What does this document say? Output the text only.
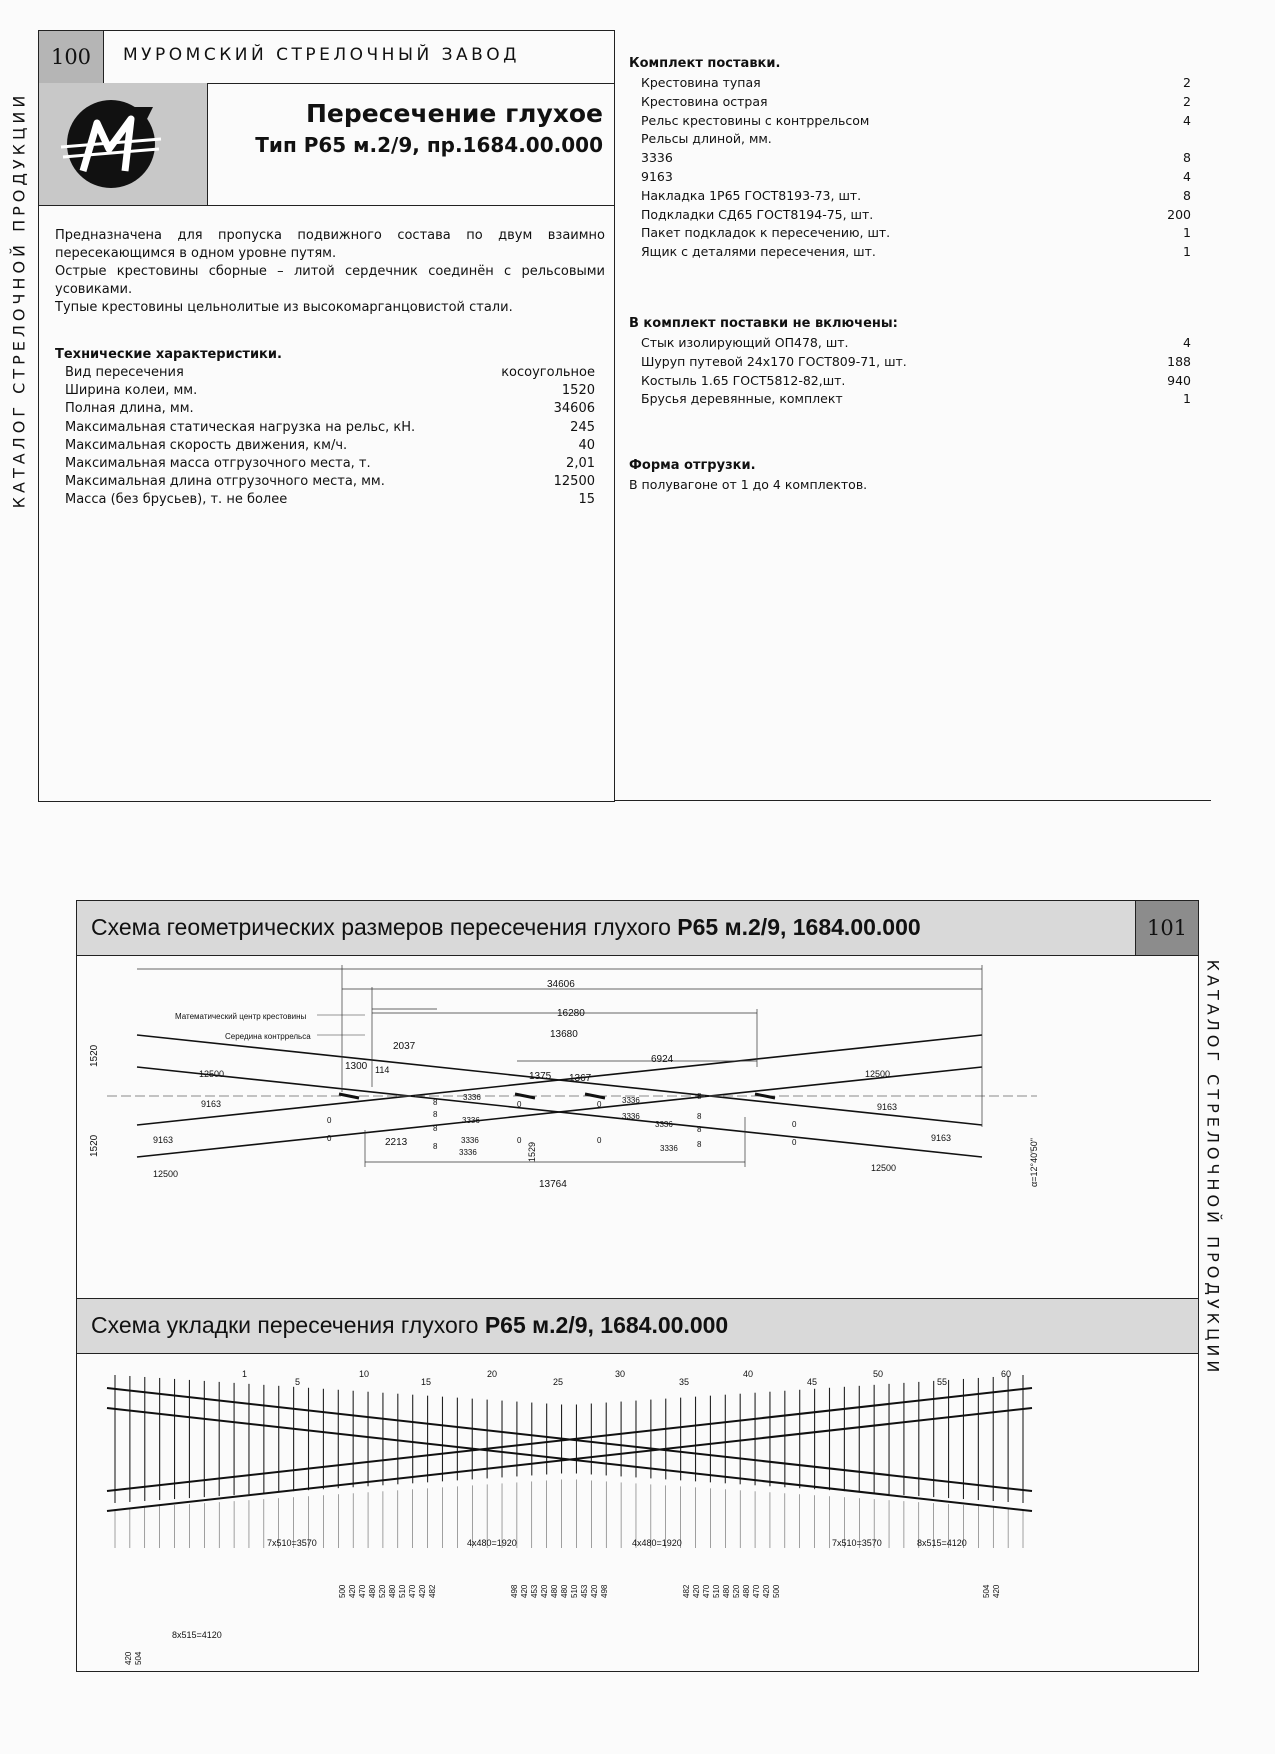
КАТАЛОГ СТРЕЛОЧНОЙ ПРОДУКЦИИ
КАТАЛОГ СТРЕЛОЧНОЙ ПРОДУКЦИИ
100	МУРОМСКИЙ СТРЕЛОЧНЫЙ ЗАВОД
Пересечение глухое
Тип Р65 м.2/9, пр.1684.00.000
Предназначена для пропуска подвижного состава по двум взаимно пересекающимся в одном уровне путям.
Острые крестовины сборные – литой сердечник соединён с рельсовыми усовиками.
Тупые крестовины цельнолитые из высокомарганцовистой стали.
Технические характеристики.
Вид пересечения	косоугольное
Ширина колеи, мм.	1520
Полная длина, мм.	34606
Максимальная статическая нагрузка на рельс, кН.	245
Максимальная скорость движения, км/ч.	40
Максимальная масса отгрузочного места, т.	2,01
Максимальная длина отгрузочного места, мм.	12500
Масса (без брусьев), т. не более	15
Комплект поставки.
Крестовина тупая	2
Крестовина острая	2
Рельс крестовины с контррельсом	4
Рельсы длиной, мм.
3336	8
9163	4
Накладка 1Р65 ГОСТ8193-73, шт.	8
Подкладки СД65 ГОСТ8194-75, шт.	200
Пакет подкладок к пересечению, шт.	1
Ящик с деталями пересечения, шт.	1
В комплект поставки не включены:
Стык изолирующий ОП478, шт.	4
Шуруп путевой 24х170 ГОСТ809-71, шт.	188
Костыль 1.65 ГОСТ5812-82,шт.	940
Брусья деревянные, комплект	1
Форма отгрузки.
В полувагоне от 1 до 4 комплектов.
Схема геометрических размеров пересечения глухого Р65 м.2/9, 1684.00.000	101
Математический центр крестовины
Середина контррельса
34606
16280
13680
2037
6924
1300 114
1375 1367
2213
13764
1529
1520
1520
12500	12500
9163	9163
9163	9163
12500
12500
3336
3336
3336
3336
3336
3336
3336
3336
8
8
8
8
8
8
8
8
0
0
0
0
0
0
0
0	α=12°40'50"
Схема укладки пересечения глухого Р65 м.2/9, 1684.00.000
1
5
10
15
20
25
30
35
40
45
50
55
60
7х510=3570	4х480=1920	4х480=1920	7х510=3570
8х515=4120
8х515=4120
500 420 470 480 520 480 510 470 420 482	498 420 453 420 480 480 510 453 420 498	482 420 470 510 480 520 480 470 420 500
420 504
504 420
